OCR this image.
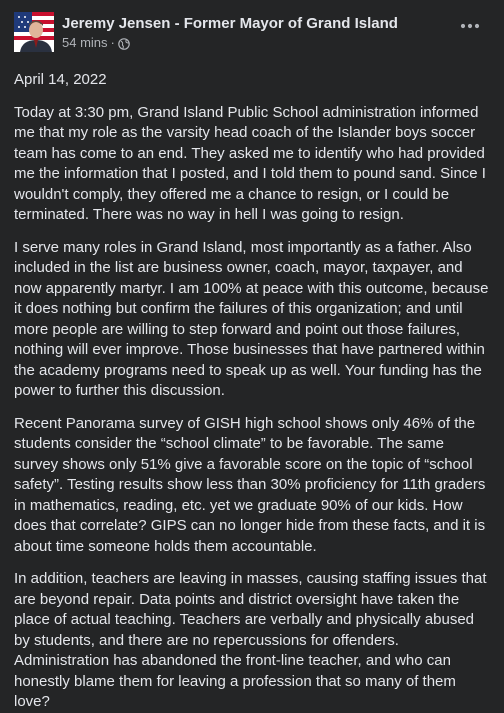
Jeremy Jensen - Former Mayor of Grand Island
54 mins ·

April 14, 2022

Today at 3:30 pm, Grand Island Public School administration informed me that my role as the varsity head coach of the Islander boys soccer team has come to an end. They asked me to identify who had provided me the information that I posted, and I told them to pound sand. Since I wouldn't comply, they offered me a chance to resign, or I could be terminated. There was no way in hell I was going to resign.

I serve many roles in Grand Island, most importantly as a father. Also included in the list are business owner, coach, mayor, taxpayer, and now apparently martyr. I am 100% at peace with this outcome, because it does nothing but confirm the failures of this organization; and until more people are willing to step forward and point out those failures, nothing will ever improve. Those businesses that have partnered within the academy programs need to speak up as well. Your funding has the power to further this discussion.

Recent Panorama survey of GISH high school shows only 46% of the students consider the “school climate” to be favorable. The same survey shows only 51% give a favorable score on the topic of “school safety”. Testing results show less than 30% proficiency for 11th graders in mathematics, reading, etc. yet we graduate 90% of our kids. How does that correlate? GIPS can no longer hide from these facts, and it is about time someone holds them accountable.

In addition, teachers are leaving in masses, causing staffing issues that are beyond repair. Data points and district oversight have taken the place of actual teaching. Teachers are verbally and physically abused by students, and there are no repercussions for offenders. Administration has abandoned the front-line teacher, and who can honestly blame them for leaving a profession that so many of them love?
